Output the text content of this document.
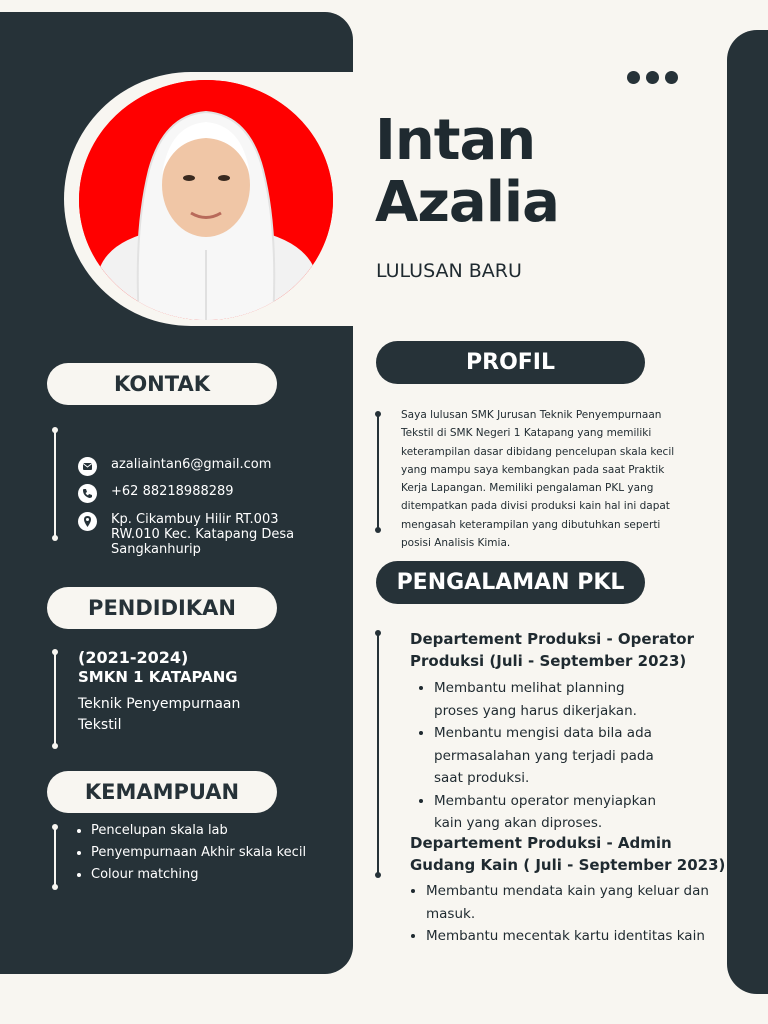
Intan
Azalia
LULUSAN BARU
KONTAK
azaliaintan6@gmail.com
+62 88218988289
Kp. Cikambuy Hilir RT.003 RW.010 Kec. Katapang Desa Sangkanhurip
PENDIDIKAN
(2021-2024)
SMKN 1 KATAPANG
Teknik Penyempurnaan Tekstil
KEMAMPUAN
• Pencelupan skala lab
• Penyempurnaan Akhir skala kecil
• Colour matching
PROFIL
Saya lulusan SMK Jurusan Teknik Penyempurnaan Tekstil di SMK Negeri 1 Katapang yang memiliki keterampilan dasar dibidang pencelupan skala kecil yang mampu saya kembangkan pada saat Praktik Kerja Lapangan. Memiliki pengalaman PKL yang ditempatkan pada divisi produksi kain hal ini dapat mengasah keterampilan yang dibutuhkan seperti posisi Analisis Kimia.
PENGALAMAN PKL
Departement Produksi - Operator Produksi (Juli - September 2023)
• Membantu melihat planning proses yang harus dikerjakan.
• Menbantu mengisi data bila ada permasalahan yang terjadi pada saat produksi.
• Membantu operator menyiapkan kain yang akan diproses.
Departement Produksi - Admin Gudang Kain ( Juli - September 2023)
• Membantu mendata kain yang keluar dan masuk.
• Membantu mecentak kartu identitas kain
